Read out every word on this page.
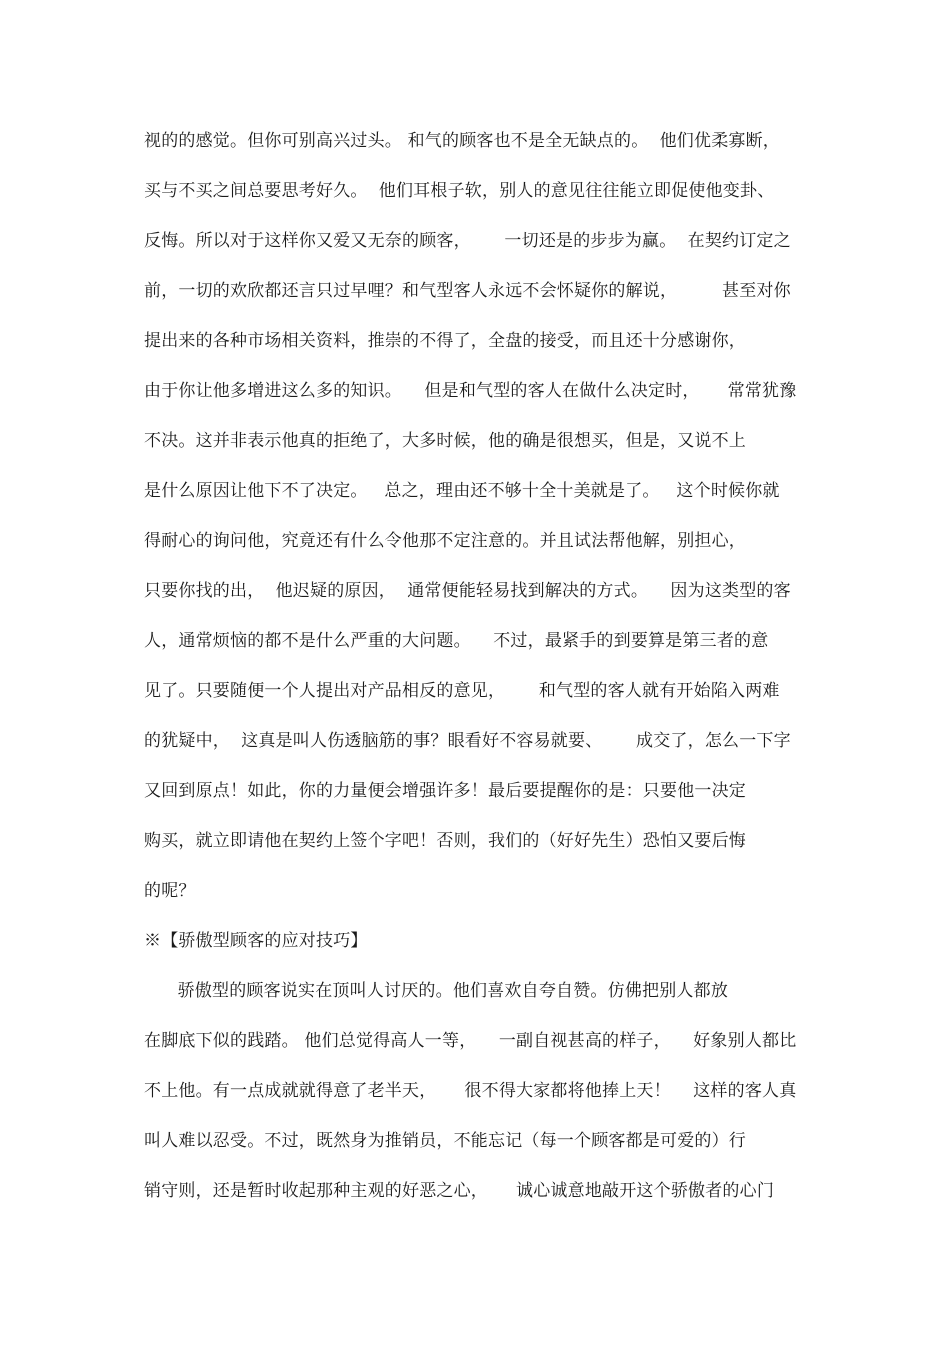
视的的感觉。但你可别高兴过头。 和气的顾客也不是全无缺点的。  他们优柔寡断，
买与不买之间总要思考好久。  他们耳根子软，别人的意见往往能立即促使他变卦、
反悔。所以对于这样你又爱又无奈的顾客，      一切还是的步步为赢。  在契约订定之
前，一切的欢欣都还言只过早哩？和气型客人永远不会怀疑你的解说，        甚至对你
提出来的各种市场相关资料，推崇的不得了，全盘的接受，而且还十分感谢你，
由于你让他多增进这么多的知识。    但是和气型的客人在做什么决定时，     常常犹豫
不决。这并非表示他真的拒绝了，大多时候，他的确是很想买，但是，又说不上
是什么原因让他下不了决定。   总之，理由还不够十全十美就是了。   这个时候你就
得耐心的询问他，究竟还有什么令他那不定注意的。并且试法帮他解，别担心，
只要你找的出，  他迟疑的原因，  通常便能轻易找到解决的方式。    因为这类型的客
人，通常烦恼的都不是什么严重的大问题。    不过，最紧手的到要算是第三者的意
见了。只要随便一个人提出对产品相反的意见，      和气型的客人就有开始陷入两难
的犹疑中，  这真是叫人伤透脑筋的事？眼看好不容易就要、      成交了，怎么一下字
又回到原点！如此，你的力量便会增强许多！最后要提醒你的是：只要他一决定
购买，就立即请他在契约上签个字吧！否则，我们的（好好先生）恐怕又要后悔
的呢？
※【骄傲型顾客的应对技巧】
骄傲型的顾客说实在顶叫人讨厌的。他们喜欢自夸自赞。仿佛把别人都放
在脚底下似的践踏。 他们总觉得高人一等，    一副自视甚高的样子，    好象别人都比
不上他。有一点成就就得意了老半天，     很不得大家都将他捧上天！    这样的客人真
叫人难以忍受。不过，既然身为推销员，不能忘记（每一个顾客都是可爱的）行
销守则，还是暂时收起那种主观的好恶之心，     诚心诚意地敲开这个骄傲者的心门
